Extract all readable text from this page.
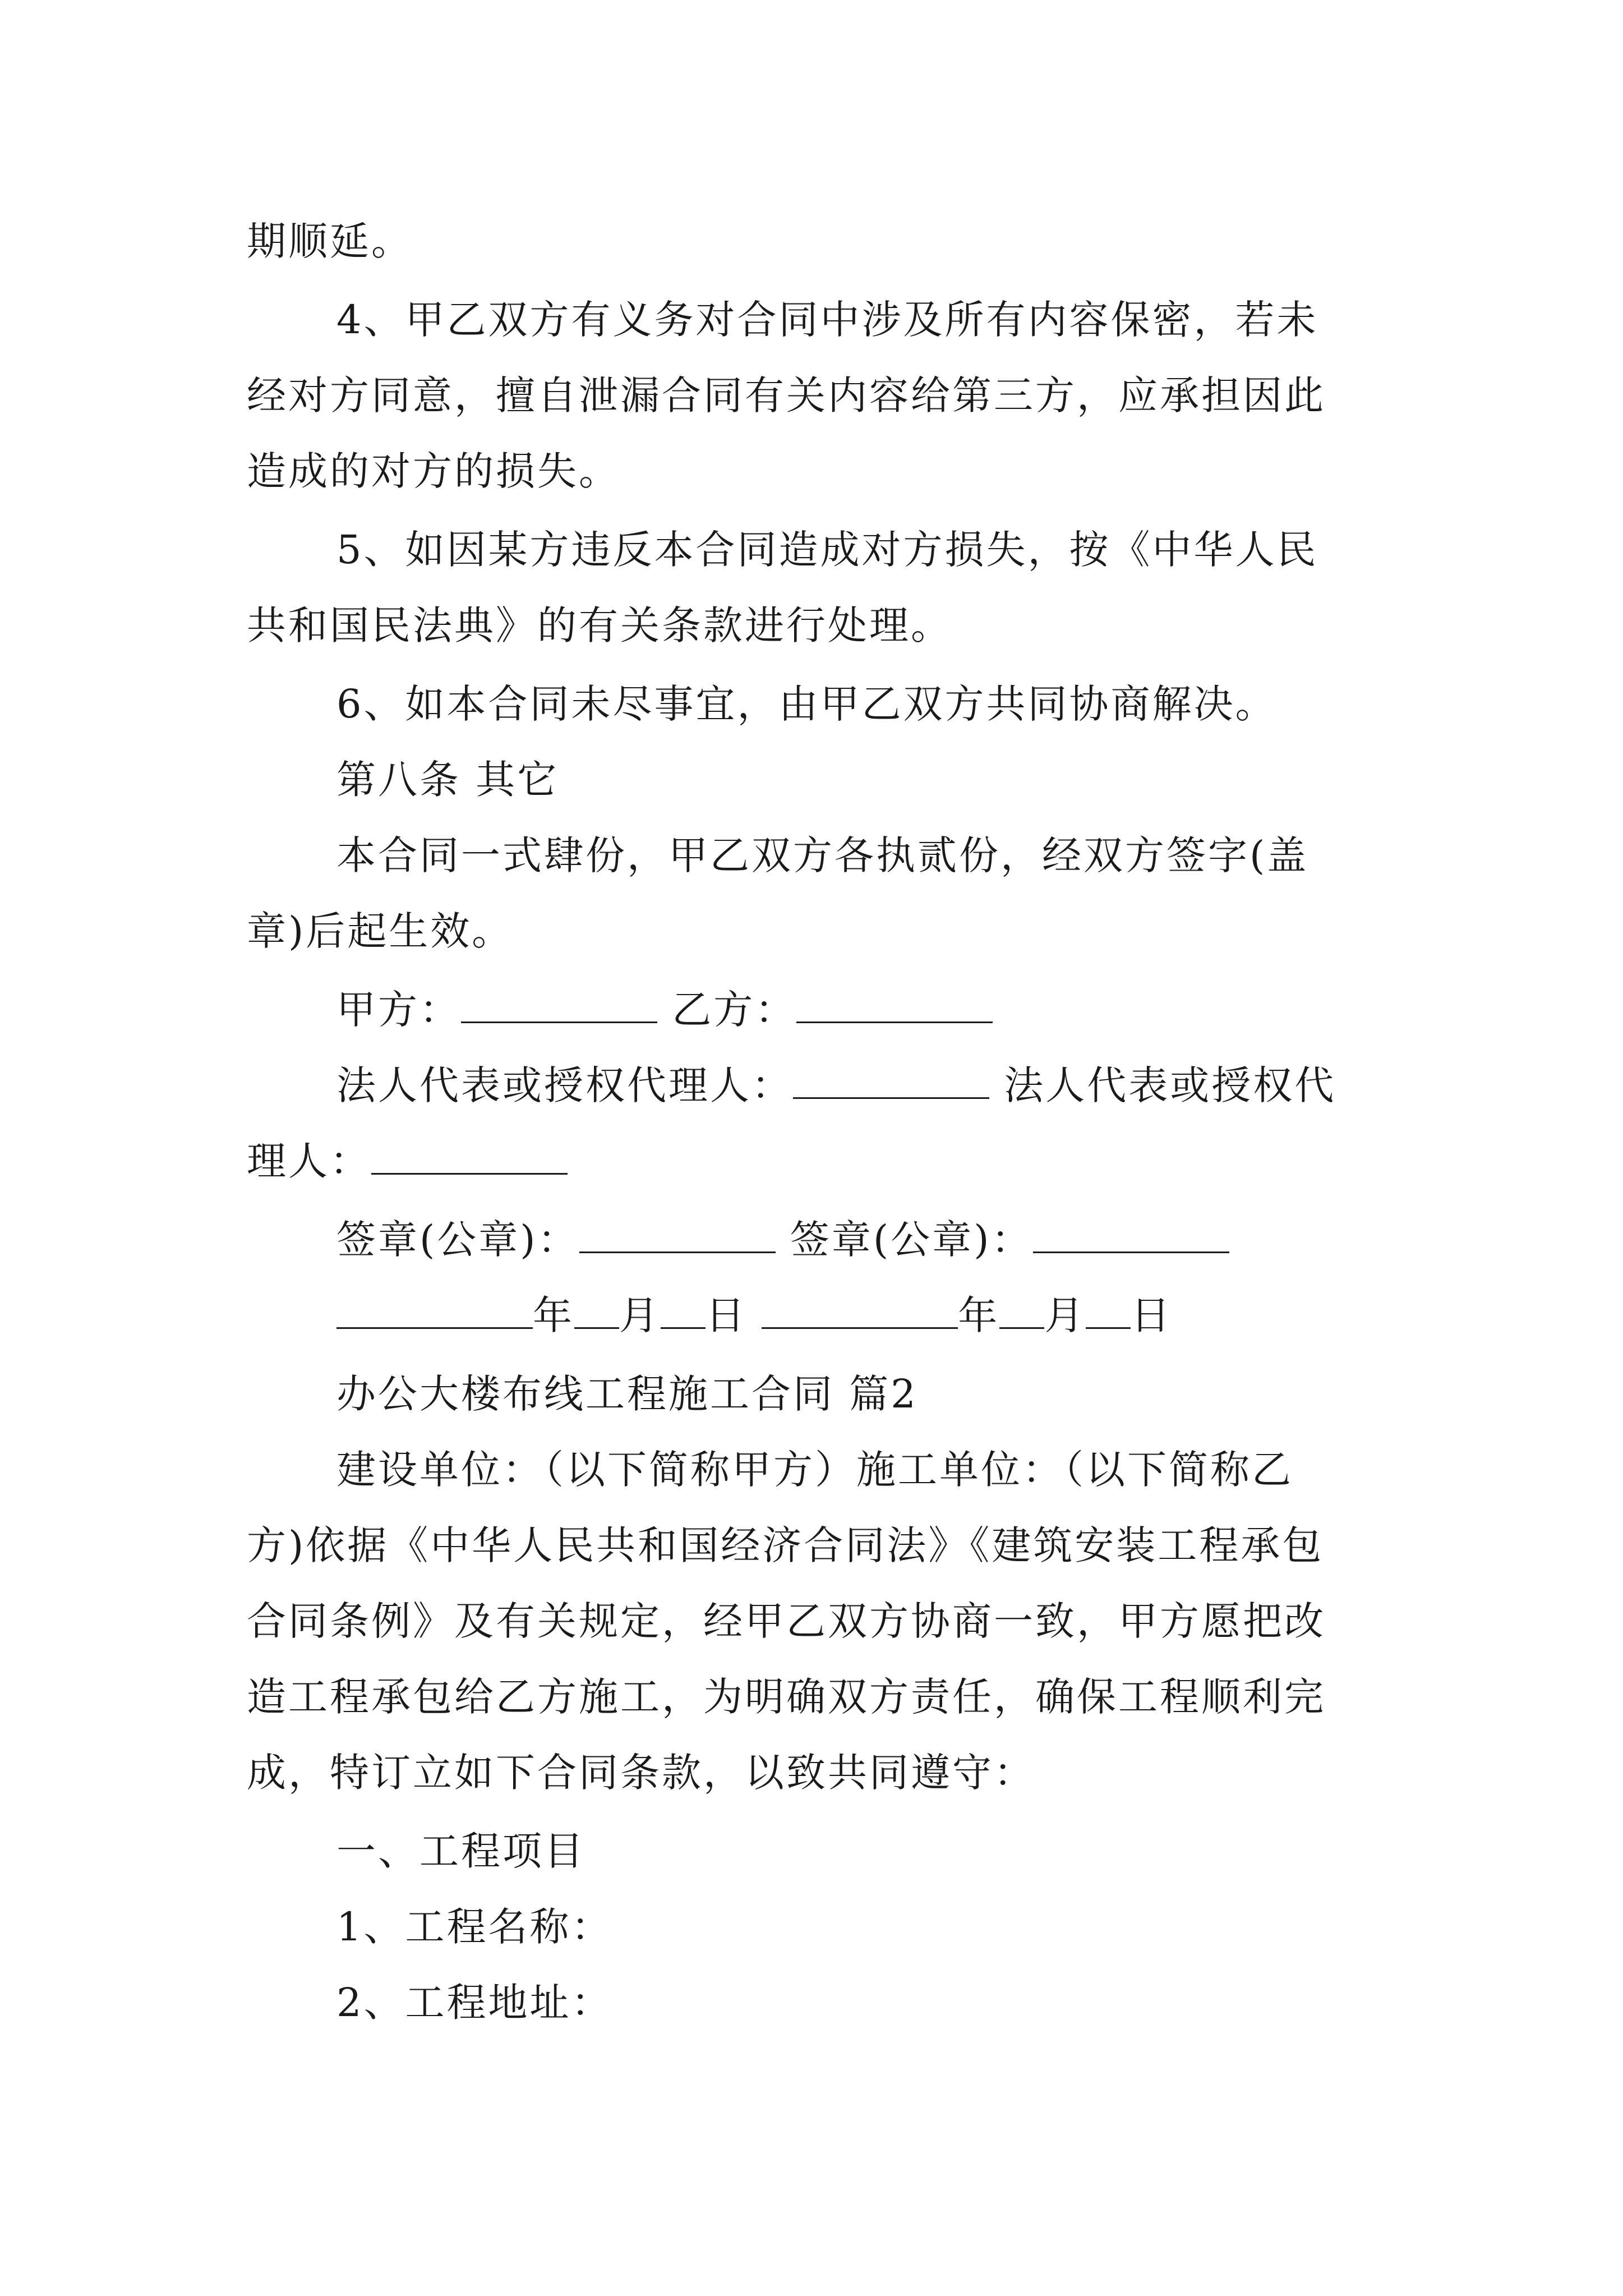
期顺延。
4、甲乙双方有义务对合同中涉及所有内容保密，若未
经对方同意，擅自泄漏合同有关内容给第三方，应承担因此
造成的对方的损失。
5、如因某方违反本合同造成对方损失，按《中华人民
共和国民法典》的有关条款进行处理。
6、如本合同未尽事宜，由甲乙双方共同协商解决。
第八条 其它
本合同一式肆份，甲乙双方各执贰份，经双方签字(盖
章)后起生效。
甲方：	乙方：
法人代表或授权代理人：	法人代表或授权代
理人：
签章(公章)：	签章(公章)：
年 月 日	年 月 日
办公大楼布线工程施工合同 篇2
建设单位：（以下简称甲方）施工单位：（以下简称乙
方)依据《中华人民共和国经济合同法》《建筑安装工程承包
合同条例》及有关规定，经甲乙双方协商一致，甲方愿把改
造工程承包给乙方施工，为明确双方责任，确保工程顺利完
成，特订立如下合同条款，以致共同遵守：
一、工程项目
1、工程名称：
2、工程地址：
